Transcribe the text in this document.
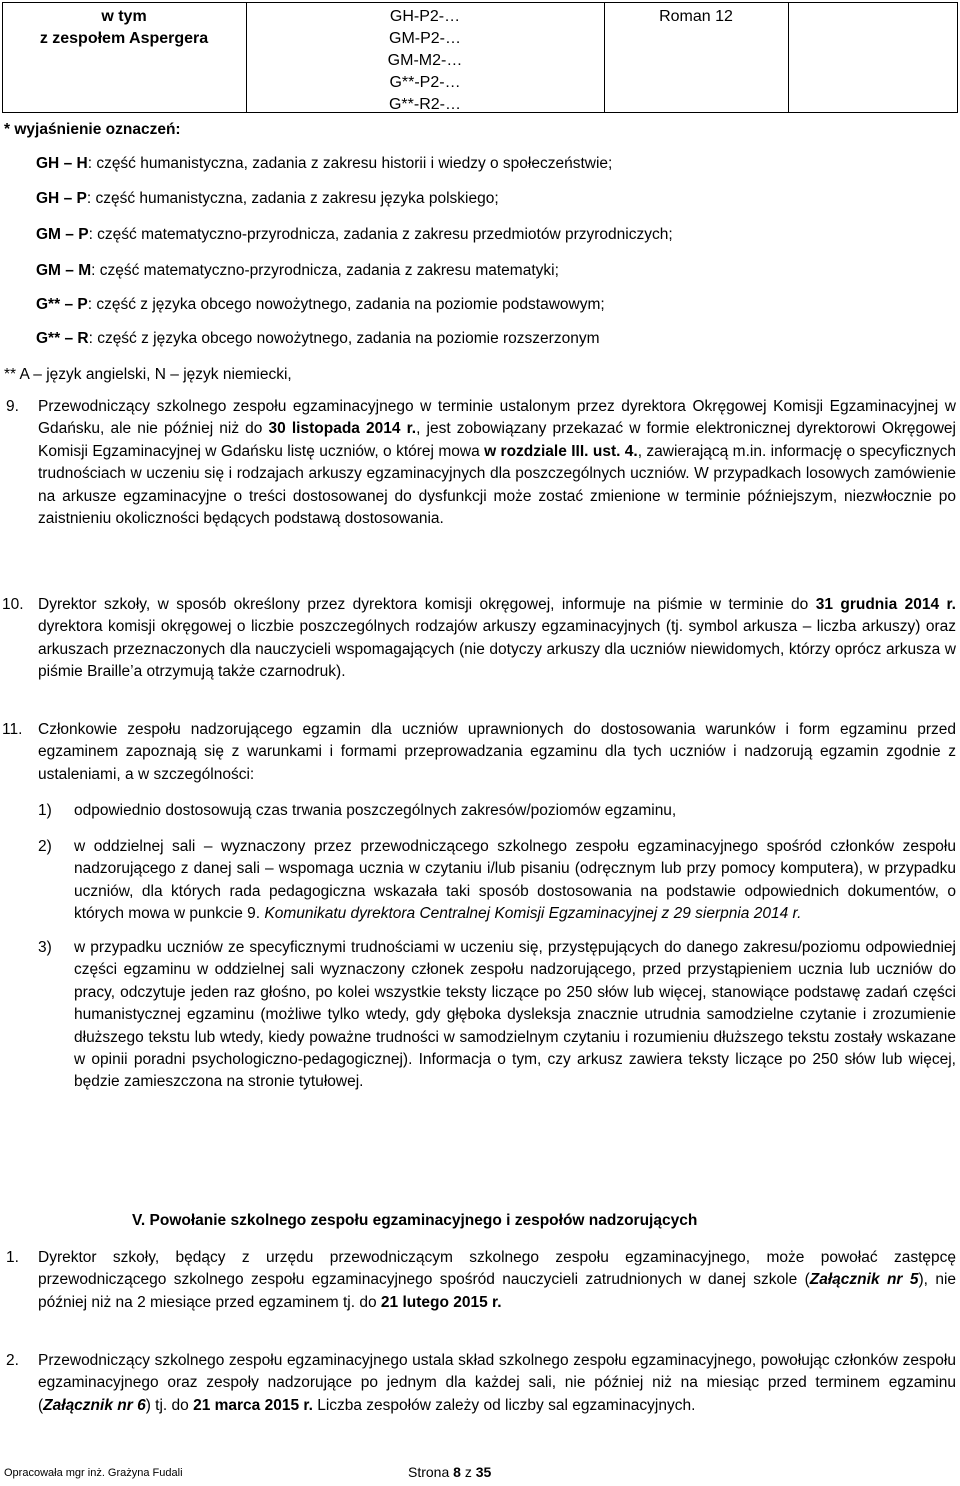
w tym
z zespołem Aspergera
GH-P2-…
GM-P2-…
GM-M2-…
G**-P2-…
G**-R2-…
Roman 12
* wyjaśnienie oznaczeń:
GH – H: część humanistyczna, zadania z zakresu historii i wiedzy o społeczeństwie;
GH – P: część humanistyczna, zadania z zakresu języka polskiego;
GM – P: część matematyczno-przyrodnicza, zadania z zakresu przedmiotów przyrodniczych;
GM – M: część matematyczno-przyrodnicza, zadania z zakresu matematyki;
G** – P: część z języka obcego nowożytnego, zadania na poziomie podstawowym;
G** – R: część z języka obcego nowożytnego, zadania na poziomie rozszerzonym
** A – język angielski, N – język niemiecki,
9. Przewodniczący szkolnego zespołu egzaminacyjnego w terminie ustalonym przez dyrektora Okręgowej Komisji Egzaminacyjnej w Gdańsku, ale nie później niż do 30 listopada 2014 r., jest zobowiązany przekazać w formie elektronicznej dyrektorowi Okręgowej Komisji Egzaminacyjnej w Gdańsku listę uczniów, o której mowa w rozdziale III. ust. 4., zawierającą m.in. informację o specyficznych trudnościach w uczeniu się i rodzajach arkuszy egzaminacyjnych dla poszczególnych uczniów. W przypadkach losowych zamówienie na arkusze egzaminacyjne o treści dostosowanej do dysfunkcji może zostać zmienione w terminie późniejszym, niezwłocznie po zaistnieniu okoliczności będących podstawą dostosowania.
10. Dyrektor szkoły, w sposób określony przez dyrektora komisji okręgowej, informuje na piśmie w terminie do 31 grudnia 2014 r. dyrektora komisji okręgowej o liczbie poszczególnych rodzajów arkuszy egzaminacyjnych (tj. symbol arkusza – liczba arkuszy) oraz arkuszach przeznaczonych dla nauczycieli wspomagających (nie dotyczy arkuszy dla uczniów niewidomych, którzy oprócz arkusza w piśmie Braille’a otrzymują także czarnodruk).
11. Członkowie zespołu nadzorującego egzamin dla uczniów uprawnionych do dostosowania warunków i form egzaminu przed egzaminem zapoznają się z warunkami i formami przeprowadzania egzaminu dla tych uczniów i nadzorują egzamin zgodnie z ustaleniami, a w szczególności:
1) odpowiednio dostosowują czas trwania poszczególnych zakresów/poziomów egzaminu,
2) w oddzielnej sali – wyznaczony przez przewodniczącego szkolnego zespołu egzaminacyjnego spośród członków zespołu nadzorującego z danej sali – wspomaga ucznia w czytaniu i/lub pisaniu (odręcznym lub przy pomocy komputera), w przypadku uczniów, dla których rada pedagogiczna wskazała taki sposób dostosowania na podstawie odpowiednich dokumentów, o których mowa w punkcie 9. Komunikatu dyrektora Centralnej Komisji Egzaminacyjnej z 29 sierpnia 2014 r.
3) w przypadku uczniów ze specyficznymi trudnościami w uczeniu się, przystępujących do danego zakresu/poziomu odpowiedniej części egzaminu w oddzielnej sali wyznaczony członek zespołu nadzorującego, przed przystąpieniem ucznia lub uczniów do pracy, odczytuje jeden raz głośno, po kolei wszystkie teksty liczące po 250 słów lub więcej, stanowiące podstawę zadań części humanistycznej egzaminu (możliwe tylko wtedy, gdy głęboka dysleksja znacznie utrudnia samodzielne czytanie i zrozumienie dłuższego tekstu lub wtedy, kiedy poważne trudności w samodzielnym czytaniu i rozumieniu dłuższego tekstu zostały wskazane w opinii poradni psychologiczno-pedagogicznej). Informacja o tym, czy arkusz zawiera teksty liczące po 250 słów lub więcej, będzie zamieszczona na stronie tytułowej.
V. Powołanie szkolnego zespołu egzaminacyjnego i zespołów nadzorujących
1. Dyrektor szkoły, będący z urzędu przewodniczącym szkolnego zespołu egzaminacyjnego, może powołać zastępcę przewodniczącego szkolnego zespołu egzaminacyjnego spośród nauczycieli zatrudnionych w danej szkole (Załącznik nr 5), nie później niż na 2 miesiące przed egzaminem tj. do 21 lutego 2015 r.
2. Przewodniczący szkolnego zespołu egzaminacyjnego ustala skład szkolnego zespołu egzaminacyjnego, powołując członków zespołu egzaminacyjnego oraz zespoły nadzorujące po jednym dla każdej sali, nie później niż na miesiąc przed terminem egzaminu (Załącznik nr 6) tj. do 21 marca 2015 r. Liczba zespołów zależy od liczby sal egzaminacyjnych.
Opracowała mgr inż. Grażyna Fudali	Strona 8 z 35
